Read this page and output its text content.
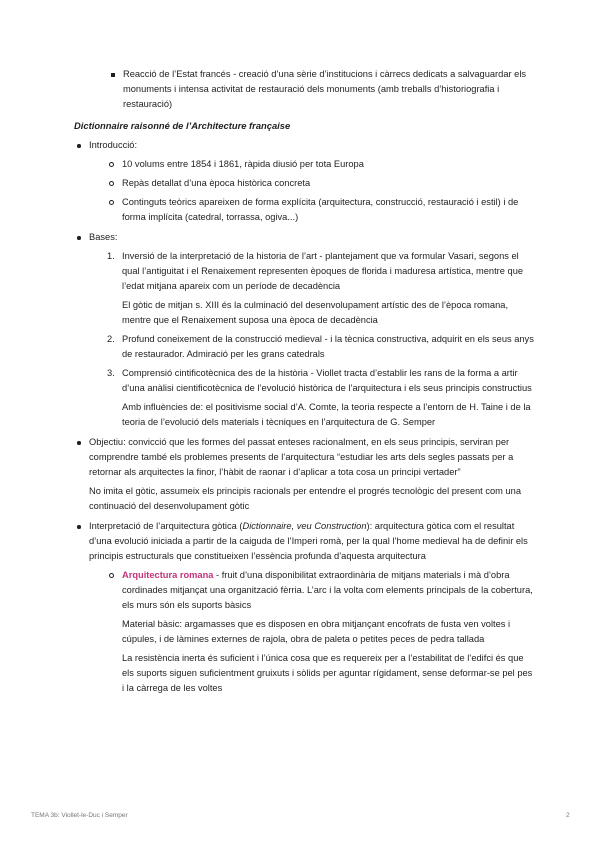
Reacció de l’Estat francés - creació d’una sèrie d’institucions i càrrecs dedicats a salvaguardar els monuments i intensa activitat de restauració dels monuments (amb treballs d’historiografia i restauració)
Dictionnaire raisonné de l’Architecture française
Introducció:
10 volums entre 1854 i 1861, ràpida diusió per tota Europa
Repàs detallat d’una època històrica concreta
Continguts teòrics apareixen de forma explícita (arquitectura, construcció, restauració i estil) i de forma implícita (catedral, torrassa, ogiva...)
Bases:
1. Inversió de la interpretació de la historia de l’art - plantejament que va formular Vasari, segons el qual l’antiguitat i el Renaixement representen èpoques de florida i maduresa artística, mentre que l’edat mitjana apareix com un període de decadència
El gòtic de mitjan s. XIII és la culminació del desenvolupament artístic des de l’època romana, mentre que el Renaixement suposa una època de decadència
2. Profund coneixement de la construcció medieval - i la tècnica constructiva, adquirit en els seus anys de restaurador. Admiració per les grans catedrals
3. Comprensió cintificotècnica des de la història - Viollet tracta d’establir les rans de la forma a artir d’una anàlisi cientificotècnica de l’evolució històrica de l’arquitectura i els seus principis constructius
Amb influències de: el positivisme social d’A. Comte, la teoria respecte a l’entorn de H. Taine i de la teoria de l’evolució dels materials i tècniques en l’arquitectura de G. Semper
Objectiu: convicció que les formes del passat enteses racionalment, en els seus principis, serviran per comprendre també els problemes presents de l’arquitectura “estudiar les arts dels segles passats per a retornar als arquitectes la finor, l’hàbit de raonar i d’aplicar a tota cosa un principi vertader”
No imita el gòtic, assumeix els principis racionals per entendre el progrés tecnològic del present com una continuació del desenvolupament gòtic
Interpretació de l’arquitectura gòtica (Dictionnaire, veu Construction): arquitectura gòtica com el resultat d’una evolució iniciada a partir de la caiguda de l’Imperi romà, per la qual l’home medieval ha de definir els principis estructurals que constitueixen l’essència profunda d’aquesta arquitectura
Arquitectura romana - fruit d’una disponibilitat extraordinària de mitjans materials i mà d’obra cordinades mitjançat una organització fèrria. L’arc i la volta com elements principals de la cobertura, els murs són els suports bàsics
Material bàsic: argamasses que es disposen en obra mitjançant encofrats de fusta ven voltes i cúpules, i de làmines externes de rajola, obra de paleta o petites peces de pedra tallada
La resistència inerta és suficient i l’única cosa que es requereix per a l’estabilitat de l’edifci és que els suports siguen suficientment gruixuts i sòlids per aguntar rígidament, sense deformar-se pel pes i la càrrega de les voltes
TEMA 3b: Viollet-le-Duc i Semper	2
